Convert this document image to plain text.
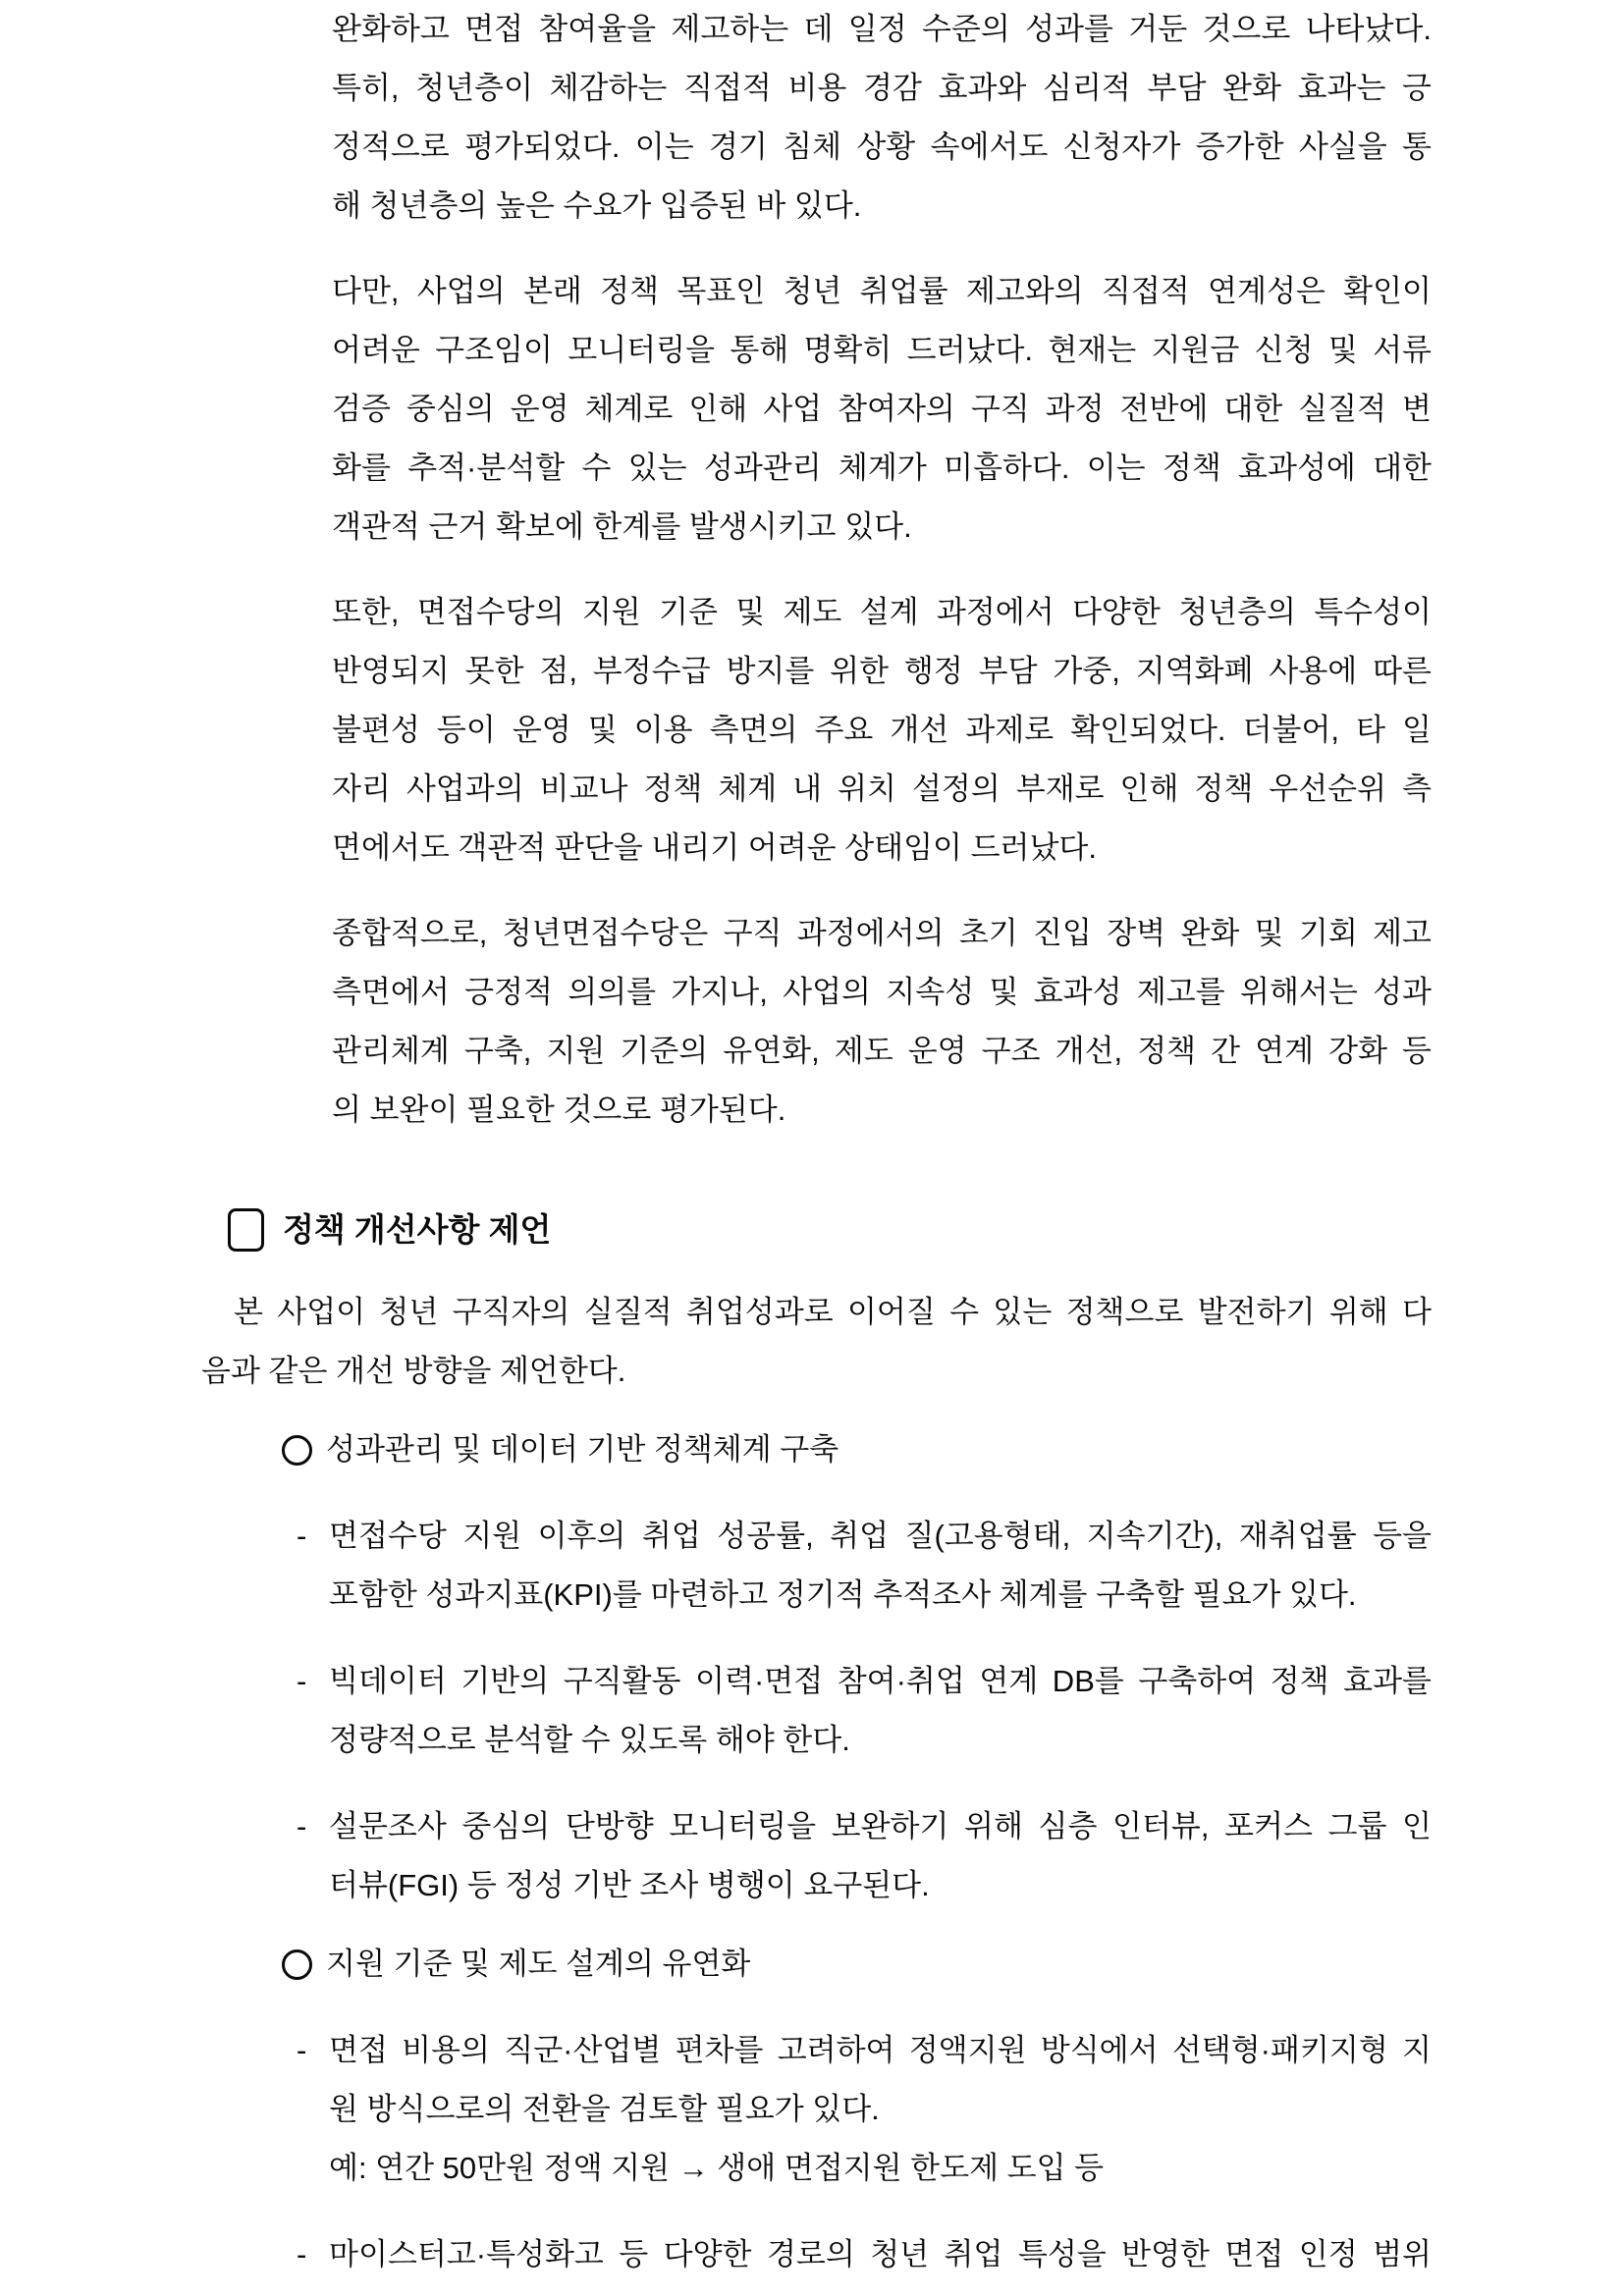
완화하고 면접 참여율을 제고하는 데 일정 수준의 성과를 거둔 것으로 나타났다.
특히, 청년층이 체감하는 직접적 비용 경감 효과와 심리적 부담 완화 효과는 긍
정적으로 평가되었다. 이는 경기 침체 상황 속에서도 신청자가 증가한 사실을 통
해 청년층의 높은 수요가 입증된 바 있다.
다만, 사업의 본래 정책 목표인 청년 취업률 제고와의 직접적 연계성은 확인이
어려운 구조임이 모니터링을 통해 명확히 드러났다. 현재는 지원금 신청 및 서류
검증 중심의 운영 체계로 인해 사업 참여자의 구직 과정 전반에 대한 실질적 변
화를 추적·분석할 수 있는 성과관리 체계가 미흡하다. 이는 정책 효과성에 대한
객관적 근거 확보에 한계를 발생시키고 있다.
또한, 면접수당의 지원 기준 및 제도 설계 과정에서 다양한 청년층의 특수성이
반영되지 못한 점, 부정수급 방지를 위한 행정 부담 가중, 지역화폐 사용에 따른
불편성 등이 운영 및 이용 측면의 주요 개선 과제로 확인되었다. 더불어, 타 일
자리 사업과의 비교나 정책 체계 내 위치 설정의 부재로 인해 정책 우선순위 측
면에서도 객관적 판단을 내리기 어려운 상태임이 드러났다.
종합적으로, 청년면접수당은 구직 과정에서의 초기 진입 장벽 완화 및 기회 제고
측면에서 긍정적 의의를 가지나, 사업의 지속성 및 효과성 제고를 위해서는 성과
관리체계 구축, 지원 기준의 유연화, 제도 운영 구조 개선, 정책 간 연계 강화 등
의 보완이 필요한 것으로 평가된다.
정책 개선사항 제언
본 사업이 청년 구직자의 실질적 취업성과로 이어질 수 있는 정책으로 발전하기 위해 다
음과 같은 개선 방향을 제언한다.
성과관리 및 데이터 기반 정책체계 구축
- 면접수당 지원 이후의 취업 성공률, 취업 질(고용형태, 지속기간), 재취업률 등을
포함한 성과지표(KPI)를 마련하고 정기적 추적조사 체계를 구축할 필요가 있다.
- 빅데이터 기반의 구직활동 이력·면접 참여·취업 연계 DB를 구축하여 정책 효과를
정량적으로 분석할 수 있도록 해야 한다.
- 설문조사 중심의 단방향 모니터링을 보완하기 위해 심층 인터뷰, 포커스 그룹 인
터뷰(FGI) 등 정성 기반 조사 병행이 요구된다.
지원 기준 및 제도 설계의 유연화
- 면접 비용의 직군·산업별 편차를 고려하여 정액지원 방식에서 선택형·패키지형 지
원 방식으로의 전환을 검토할 필요가 있다.
예: 연간 50만원 정액 지원 → 생애 면접지원 한도제 도입 등
- 마이스터고·특성화고 등 다양한 경로의 청년 취업 특성을 반영한 면접 인정 범위
